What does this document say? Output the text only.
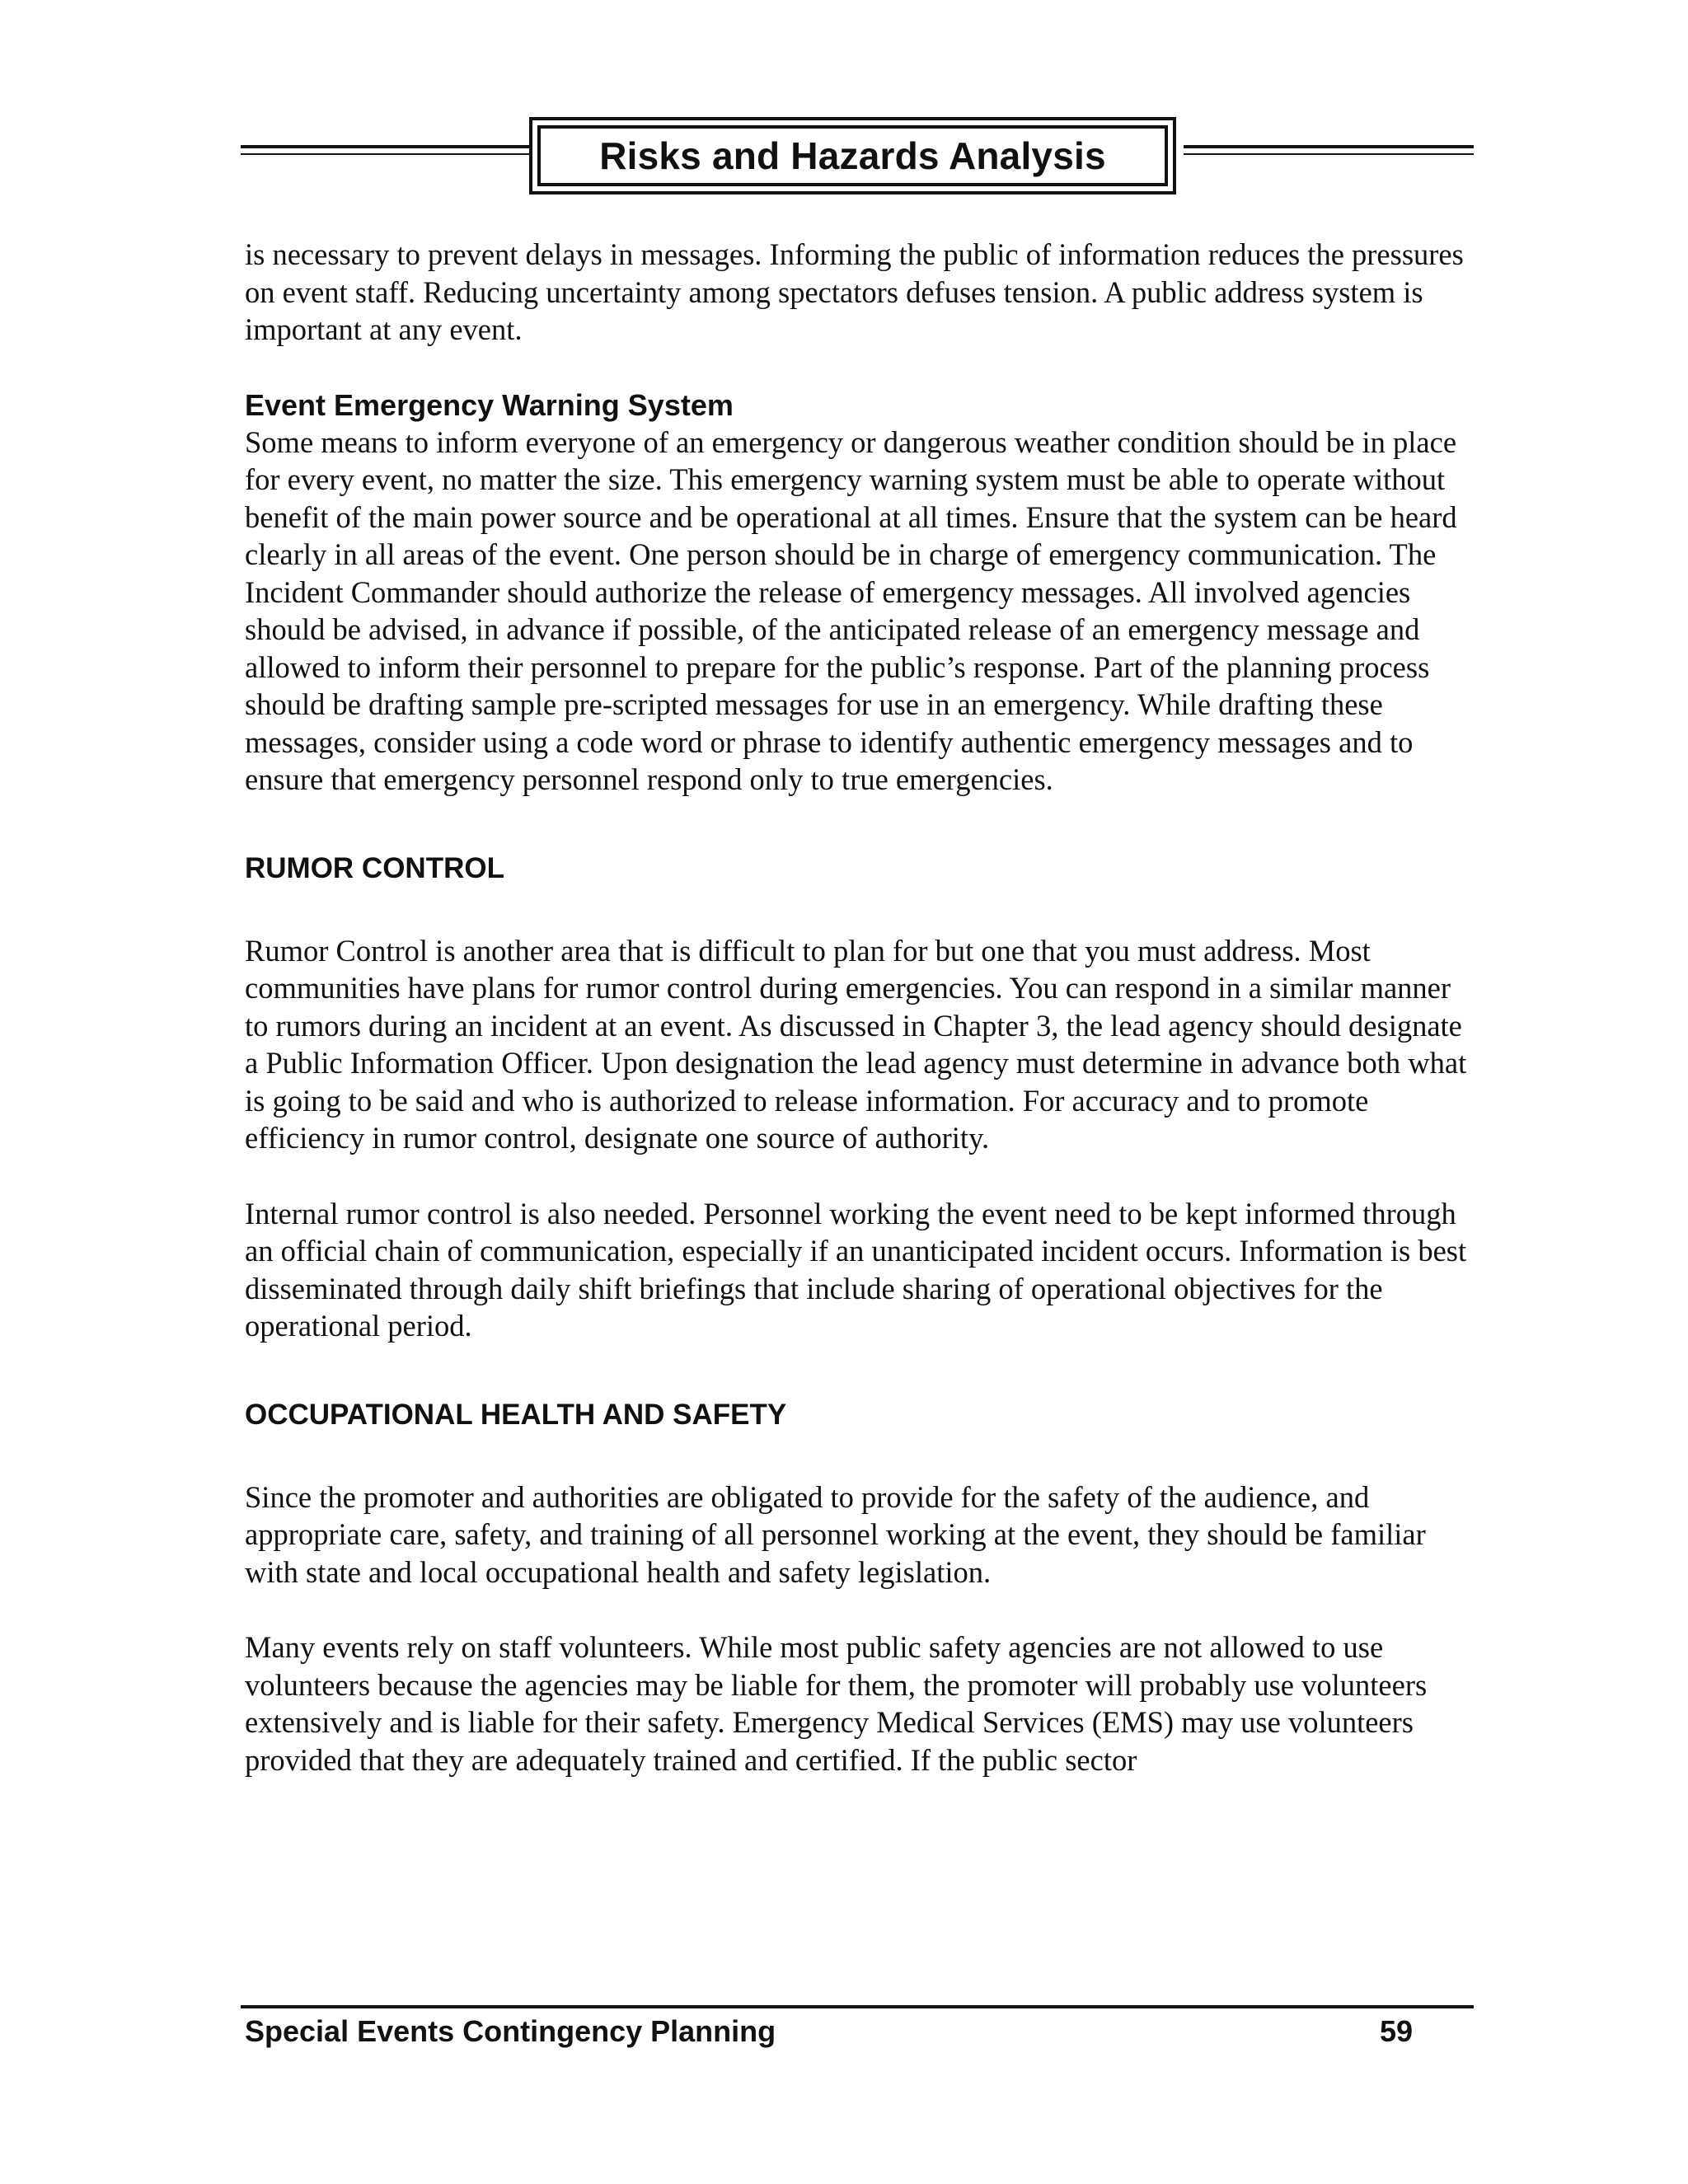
Risks and Hazards Analysis

is necessary to prevent delays in messages. Informing the public of information reduces the pressures on event staff. Reducing uncertainty among spectators defuses tension. A public address system is important at any event.

Event Emergency Warning System

Some means to inform everyone of an emergency or dangerous weather condition should be in place for every event, no matter the size. This emergency warning system must be able to operate without benefit of the main power source and be operational at all times. Ensure that the system can be heard clearly in all areas of the event. One person should be in charge of emergency communication. The Incident Commander should authorize the release of emergency messages. All involved agencies should be advised, in advance if possible, of the anticipated release of an emergency message and allowed to inform their personnel to prepare for the public’s response. Part of the planning process should be drafting sample pre-scripted messages for use in an emergency. While drafting these messages, consider using a code word or phrase to identify authentic emergency messages and to ensure that emergency personnel respond only to true emergencies.

RUMOR CONTROL

Rumor Control is another area that is difficult to plan for but one that you must address. Most communities have plans for rumor control during emergencies. You can respond in a similar manner to rumors during an incident at an event. As discussed in Chapter 3, the lead agency should designate a Public Information Officer. Upon designation the lead agency must determine in advance both what is going to be said and who is authorized to release information. For accuracy and to promote efficiency in rumor control, designate one source of authority.

Internal rumor control is also needed. Personnel working the event need to be kept informed through an official chain of communication, especially if an unanticipated incident occurs. Information is best disseminated through daily shift briefings that include sharing of operational objectives for the operational period.

OCCUPATIONAL HEALTH AND SAFETY

Since the promoter and authorities are obligated to provide for the safety of the audience, and appropriate care, safety, and training of all personnel working at the event, they should be familiar with state and local occupational health and safety legislation.

Many events rely on staff volunteers. While most public safety agencies are not allowed to use volunteers because the agencies may be liable for them, the promoter will probably use volunteers extensively and is liable for their safety. Emergency Medical Services (EMS) may use volunteers provided that they are adequately trained and certified. If the public sector

Special Events Contingency Planning	59
